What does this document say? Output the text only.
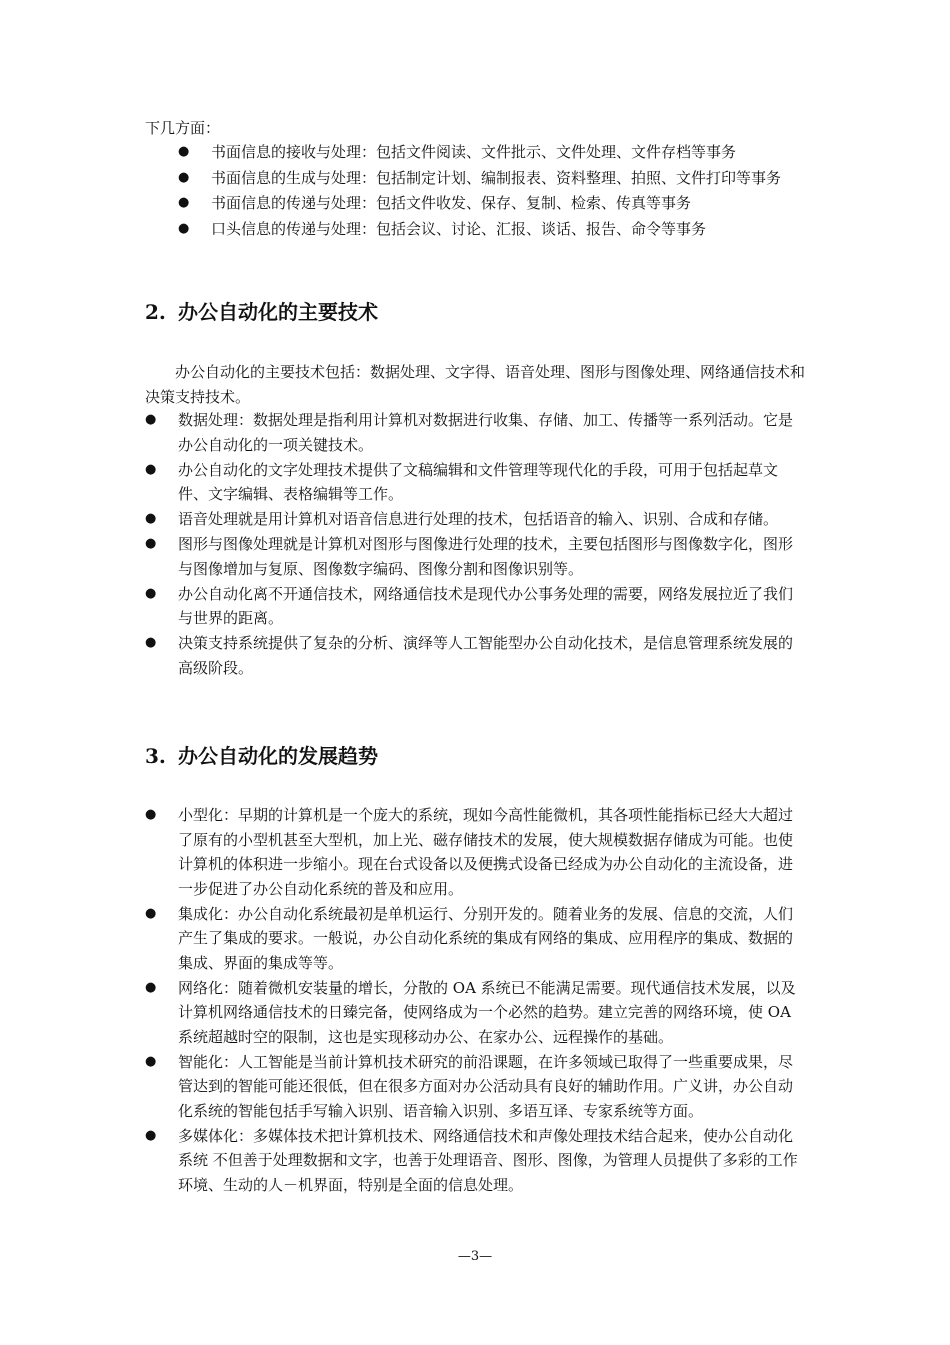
下几方面：

●	书面信息的接收与处理：包括文件阅读、文件批示、文件处理、文件存档等事务
●	书面信息的生成与处理：包括制定计划、编制报表、资料整理、拍照、文件打印等事务
●	书面信息的传递与处理：包括文件收发、保存、复制、检索、传真等事务
●	口头信息的传递与处理：包括会议、讨论、汇报、谈话、报告、命令等事务
2. 办公自动化的主要技术

办公自动化的主要技术包括：数据处理、文字得、语音处理、图形与图像处理、网络通信技术和决策支持技术。

●	数据处理：数据处理是指利用计算机对数据进行收集、存储、加工、传播等一系列活动。它是办公自动化的一项关键技术。
●	办公自动化的文字处理技术提供了文稿编辑和文件管理等现代化的手段，可用于包括起草文件、文字编辑、表格编辑等工作。
●	语音处理就是用计算机对语音信息进行处理的技术，包括语音的输入、识别、合成和存储。
●	图形与图像处理就是计算机对图形与图像进行处理的技术，主要包括图形与图像数字化，图形与图像增加与复原、图像数字编码、图像分割和图像识别等。
●	办公自动化离不开通信技术，网络通信技术是现代办公事务处理的需要，网络发展拉近了我们与世界的距离。
●	决策支持系统提供了复杂的分析、演绎等人工智能型办公自动化技术，是信息管理系统发展的高级阶段。
3. 办公自动化的发展趋势
●	小型化：早期的计算机是一个庞大的系统，现如今高性能微机，其各项性能指标已经大大超过了原有的小型机甚至大型机，加上光、磁存储技术的发展，使大规模数据存储成为可能。也使计算机的体积进一步缩小。现在台式设备以及便携式设备已经成为办公自动化的主流设备，进一步促进了办公自动化系统的普及和应用。
●	集成化：办公自动化系统最初是单机运行、分别开发的。随着业务的发展、信息的交流，人们产生了集成的要求。一般说，办公自动化系统的集成有网络的集成、应用程序的集成、数据的集成、界面的集成等等。
●	网络化：随着微机安装量的增长，分散的 OA 系统已不能满足需要。现代通信技术发展，以及计算机网络通信技术的日臻完备，使网络成为一个必然的趋势。建立完善的网络环境，使 OA 系统超越时空的限制，这也是实现移动办公、在家办公、远程操作的基础。
●	智能化：人工智能是当前计算机技术研究的前沿课题，在许多领域已取得了一些重要成果，尽管达到的智能可能还很低，但在很多方面对办公活动具有良好的辅助作用。广义讲，办公自动化系统的智能包括手写输入识别、语音输入识别、多语互译、专家系统等方面。
●	多媒体化：多媒体技术把计算机技术、网络通信技术和声像处理技术结合起来，使办公自动化系统 不但善于处理数据和文字，也善于处理语音、图形、图像，为管理人员提供了多彩的工作环境、生动的人－机界面，特别是全面的信息处理。
—3—
